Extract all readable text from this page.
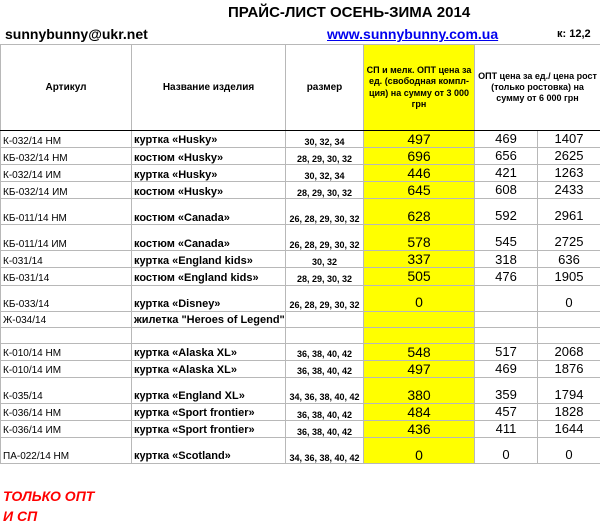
ПРАЙС-ЛИСТ ОСЕНЬ-ЗИМА 2014
sunnybunny@ukr.net	www.sunnybunny.com.ua	к: 12,2
Артикул	Название изделия	размер	СП и мелк. ОПТ цена за ед. (свободная компл-ция) на сумму от 3 000 грн	ОПТ цена за ед./ цена рост (только ростовка) на сумму от 6 000 грн	
К-032/14 НМ	куртка «Husky»	30, 32, 34	497	469	1407
КБ-032/14 НМ	костюм «Husky»	28, 29, 30, 32	696	656	2625
К-032/14 ИМ	куртка «Husky»	30, 32, 34	446	421	1263
КБ-032/14 ИМ	костюм «Husky»	28, 29, 30, 32	645	608	2433
КБ-011/14 НМ	костюм «Canada»	26, 28, 29, 30, 32	628	592	2961
КБ-011/14 ИМ	костюм «Canada»	26, 28, 29, 30, 32	578	545	2725
К-031/14	куртка «England kids»	30, 32	337	318	636
КБ-031/14	костюм «England kids»	28, 29, 30, 32	505	476	1905
КБ-033/14	куртка «Disney»	26, 28, 29, 30, 32	0		0
Ж-034/14	жилетка "Heroes of Legend"				

К-010/14 НМ	куртка «Alaska XL»	36, 38, 40, 42	548	517	2068
К-010/14 ИМ	куртка «Alaska XL»	36, 38, 40, 42	497	469	1876
К-035/14	куртка «England XL»	34, 36, 38, 40, 42	380	359	1794
К-036/14 НМ	куртка «Sport frontier»	36, 38, 40, 42	484	457	1828
К-036/14 ИМ	куртка «Sport frontier»	36, 38, 40, 42	436	411	1644
ПА-022/14 НМ	куртка «Scotland»	34, 36, 38, 40, 42	0	0	0
ТОЛЬКО ОПТ
И СП
